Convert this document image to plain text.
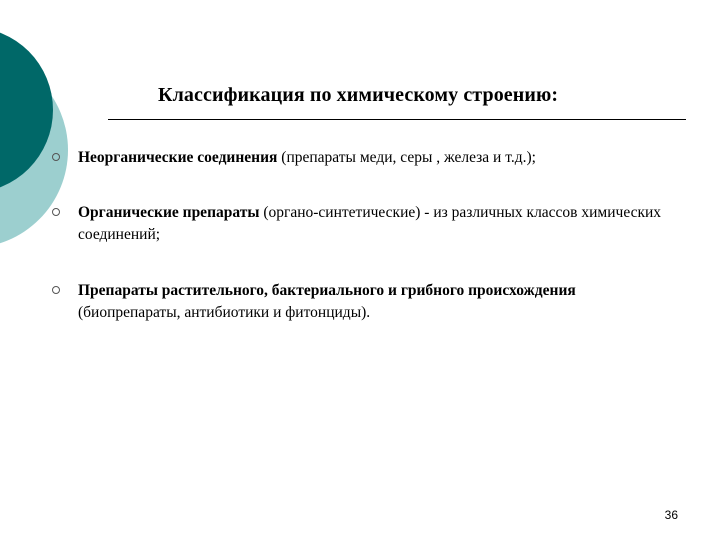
Классификация по химическому строению:
Неорганические соединения (препараты меди, серы , железа и т.д.);
Органические препараты (органо-синтетические) - из различных классов химических соединений;
Препараты растительного, бактериального и грибного происхождения (биопрепараты, антибиотики и фитонциды).
36
